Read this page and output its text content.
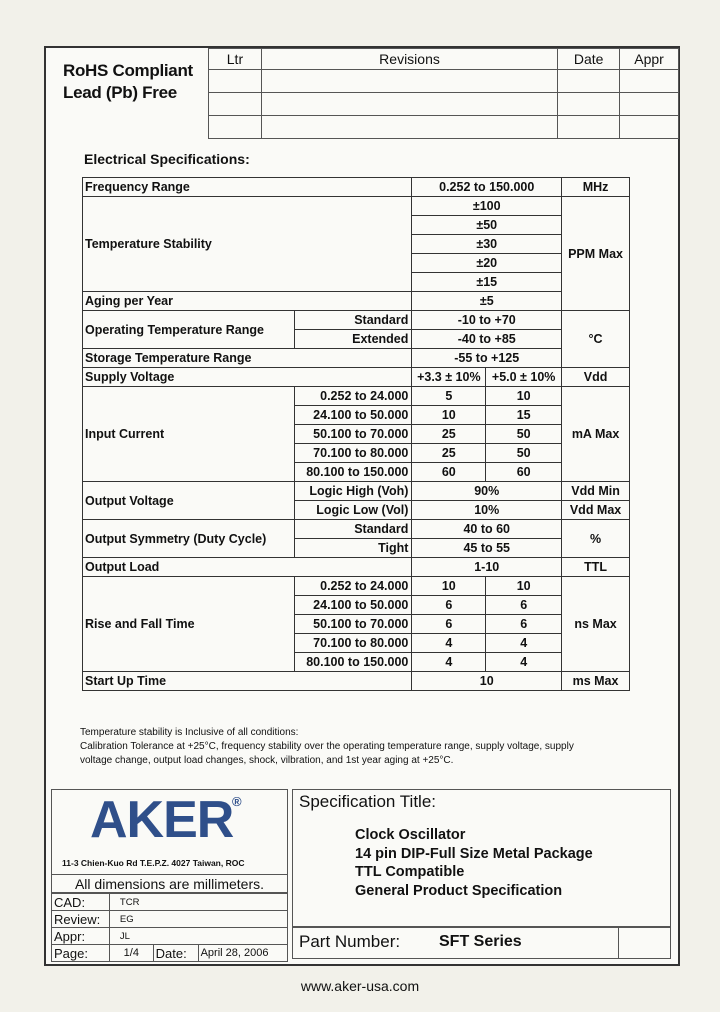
RoHS Compliant
Lead (Pb) Free
Ltr	Revisions	Date	Appr

Electrical Specifications:
Frequency Range		0.252 to 150.000		MHz
Temperature Stability		±100		PPM Max
		±50		
		±30		
		±20		
		±15		
Aging per Year		±5		
Operating Temperature Range	Standard	-10 to +70		°C
	Extended	-40 to +85		
Storage Temperature Range		-55 to +125		
Supply Voltage		+3.3 ± 10%	+5.0 ± 10%	Vdd
Input Current	0.252 to 24.000	5	10	mA Max
	24.100 to 50.000	10	15	
	50.100 to 70.000	25	50	
	70.100 to 80.000	25	50	
	80.100 to 150.000	60	60	
Output Voltage	Logic High (Voh)	90%		Vdd Min
	Logic Low (Vol)	10%		Vdd Max
Output Symmetry (Duty Cycle)	Standard	40 to 60		%
	Tight	45 to 55		
Output Load		1-10		TTL
Rise and Fall Time	0.252 to 24.000	10	10	ns Max
	24.100 to 50.000	6	6	
	50.100 to 70.000	6	6	
	70.100 to 80.000	4	4	
	80.100 to 150.000	4	4	
Start Up Time		10		ms Max
Temperature stability is Inclusive of all conditions:
Calibration Tolerance at +25°C, frequency stability over the operating temperature range, supply voltage, supply
voltage change, output load changes, shock, vilbration, and 1st year aging at +25°C.
AKER
®
11-3 Chien-Kuo Rd T.E.P.Z. 4027 Taiwan, ROC
All dimensions are millimeters.
CAD:	TCR		
Review:	EG		
Appr:	JL		
Page:	1/4	Date:	April 28, 2006
Specification Title:
Clock Oscillator
14 pin DIP-Full Size Metal Package
TTL Compatible
General Product Specification
Part Number: SFT Series
www.aker-usa.com
